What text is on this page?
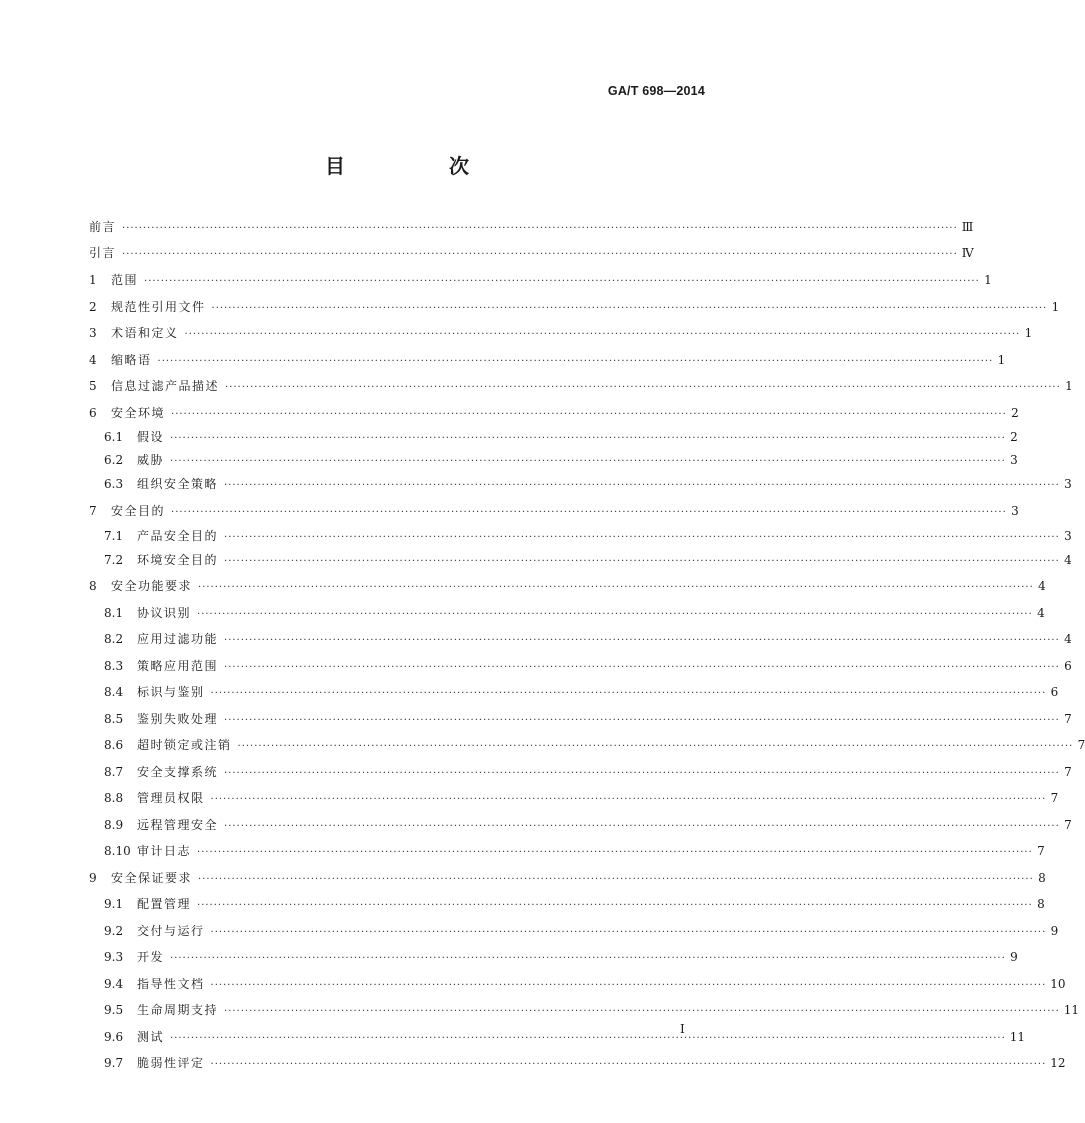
GA/T 698—2014
目　次
前言 ········································································································································································································ Ⅲ
引言 ········································································································································································································ Ⅳ
1	范围 ········································································································································································································ 1
2	规范性引用文件 ········································································································································································································ 1
3	术语和定义 ········································································································································································································ 1
4	缩略语 ········································································································································································································ 1
5	信息过滤产品描述 ········································································································································································································ 1
6	安全环境 ········································································································································································································ 2
6.1	假设 ········································································································································································································ 2
6.2	威胁 ········································································································································································································ 3
6.3	组织安全策略 ········································································································································································································ 3
7	安全目的 ········································································································································································································ 3
7.1	产品安全目的 ········································································································································································································ 3
7.2	环境安全目的 ········································································································································································································ 4
8	安全功能要求 ········································································································································································································ 4
8.1	协议识别 ········································································································································································································ 4
8.2	应用过滤功能 ········································································································································································································ 4
8.3	策略应用范围 ········································································································································································································ 6
8.4	标识与鉴别 ········································································································································································································ 6
8.5	鉴别失败处理 ········································································································································································································ 7
8.6	超时锁定或注销 ········································································································································································································ 7
8.7	安全支撑系统 ········································································································································································································ 7
8.8	管理员权限 ········································································································································································································ 7
8.9	远程管理安全 ········································································································································································································ 7
8.10 审计日志 ········································································································································································································ 7
9	安全保证要求 ········································································································································································································ 8
9.1	配置管理 ········································································································································································································ 8
9.2	交付与运行 ········································································································································································································ 9
9.3	开发 ········································································································································································································ 9
9.4	指导性文档 ········································································································································································································ 10
9.5	生命周期支持 ········································································································································································································ 11
9.6	测试 ········································································································································································································ 11
9.7	脆弱性评定 ········································································································································································································ 12
I
